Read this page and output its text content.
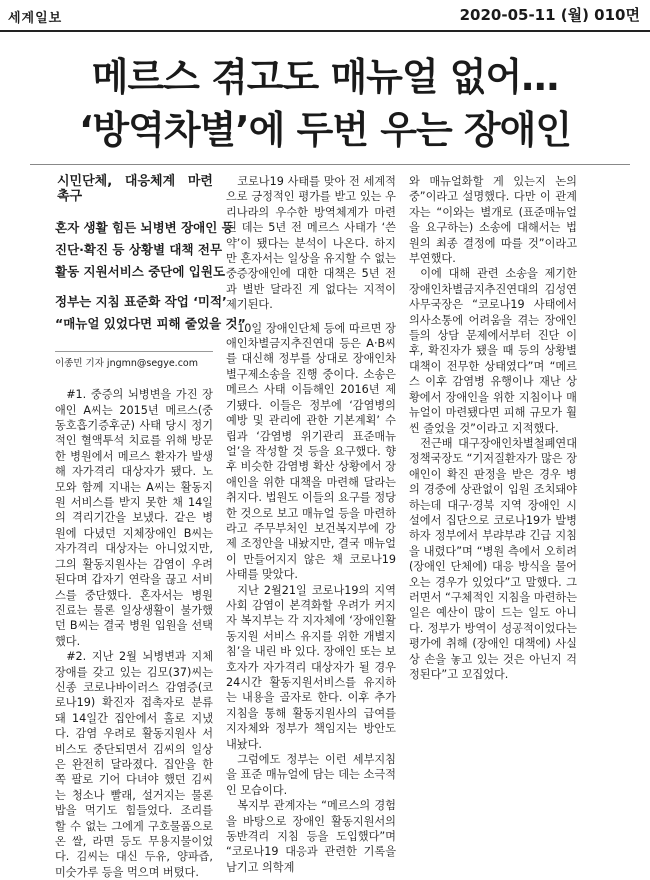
세계일보	2020-05-11 (월) 010면
메르스 겪고도 매뉴얼 없어…
‘방역차별’에 두번 우는 장애인
시민단체, 대응체계 마련 촉구
혼자 생활 힘든 뇌병변 장애인 등
진단·확진 등 상황별 대책 전무
활동 지원서비스 중단에 입원도
정부는 지침 표준화 작업 ‘미적’
“매뉴얼 있었다면 피해 줄었을 것”
이종민 기자 jngmn@segye.com

#1. 중증의 뇌병변을 가진 장애인 A씨는 2015년 메르스(중동호흡기증후군) 사태 당시 정기적인 혈액투석 치료를 위해 방문한 병원에서 메르스 환자가 발생해 자가격리 대상자가 됐다. 노모와 함께 지내는 A씨는 활동지원 서비스를 받지 못한 채 14일의 격리기간을 보냈다. 같은 병원에 다녔던 지체장애인 B씨는 자가격리 대상자는 아니었지만, 그의 활동지원사는 감염이 우려된다며 갑자기 연락을 끊고 서비스를 중단했다. 혼자서는 병원 진료는 물론 일상생활이 불가했던 B씨는 결국 병원 입원을 선택했다.

#2. 지난 2월 뇌병변과 지체장애를 갖고 있는 김모(37)씨는 신종 코로나바이러스 감염증(코로나19) 확진자 접촉자로 분류돼 14일간 집안에서 홀로 지냈다. 감염 우려로 활동지원사 서비스도 중단되면서 김씨의 일상은 완전히 달라졌다. 집안을 한쪽 팔로 기어 다녀야 했던 김씨는 청소나 빨래, 설거지는 물론 밥을 먹기도 힘들었다. 조리를 할 수 없는 그에게 구호물품으로 온 쌀, 라면 등도 무용지물이었다. 김씨는 대신 두유, 양파즙, 미숫가루 등을 먹으며 버텼다.

코로나19 사태를 맞아 전 세계적으로 긍정적인 평가를 받고 있는 우리나라의 우수한 방역체계가 마련된 데는 5년 전 메르스 사태가 ‘쓴 약’이 됐다는 분석이 나온다. 하지만 혼자서는 일상을 유지할 수 없는 중증장애인에 대한 대책은 5년 전과 별반 달라진 게 없다는 지적이 제기된다.

10일 장애인단체 등에 따르면 장애인차별금지추진연대 등은 A·B씨를 대신해 정부를 상대로 장애인차별구제소송을 진행 중이다. 소송은 메르스 사태 이듬해인 2016년 제기됐다. 이들은 정부에 ‘감염병의 예방 및 관리에 관한 기본계획’ 수립과 ‘감염병 위기관리 표준매뉴얼’을 작성할 것 등을 요구했다. 향후 비슷한 감염병 확산 상황에서 장애인을 위한 대책을 마련해 달라는 취지다. 법원도 이들의 요구를 정당한 것으로 보고 매뉴얼 등을 마련하라고 주무부처인 보건복지부에 강제 조정안을 내놨지만, 결국 매뉴얼이 만들어지지 않은 채 코로나19 사태를 맞았다.

지난 2월21일 코로나19의 지역사회 감염이 본격화할 우려가 커지자 복지부는 각 지자체에 ‘장애인활동지원 서비스 유지를 위한 개별지침’을 내린 바 있다. 장애인 또는 보호자가 자가격리 대상자가 될 경우 24시간 활동지원서비스를 유지하는 내용을 골자로 한다. 이후 추가 지침을 통해 활동지원사의 급여를 지자체와 정부가 책임지는 방안도 내놨다.

그럼에도 정부는 이런 세부지침을 표준 매뉴얼에 담는 데는 소극적인 모습이다.

복지부 관계자는 “메르스의 경험을 바탕으로 장애인 활동지원서의 동반격리 지침 등을 도입했다”며 “코로나19 대응과 관련한 기록을 남기고 의학계

와 매뉴얼화할 게 있는지 논의 중”이라고 설명했다. 다만 이 관계자는 “이와는 별개로 (표준매뉴얼을 요구하는) 소송에 대해서는 법원의 최종 결정에 따를 것”이라고 부연했다.

이에 대해 관련 소송을 제기한 장애인차별금지추진연대의 김성연 사무국장은 “코로나19 사태에서 의사소통에 어려움을 겪는 장애인들의 상담 문제에서부터 진단 이후, 확진자가 됐을 때 등의 상황별 대책이 전무한 상태였다”며 “메르스 이후 감염병 유행이나 재난 상황에서 장애인을 위한 지침이나 매뉴얼이 마련됐다면 피해 규모가 훨씬 줄었을 것”이라고 지적했다.

전근배 대구장애인차별철폐연대 정책국장도 “기저질환자가 많은 장애인이 확진 판정을 받은 경우 병의 경중에 상관없이 입원 조치돼야 하는데 대구·경북 지역 장애인 시설에서 집단으로 코로나19가 발병하자 정부에서 부랴부랴 긴급 지침을 내렸다”며 “병원 측에서 오히려 (장애인 단체에) 대응 방식을 물어오는 경우가 있었다”고 말했다. 그러면서 “구체적인 지침을 마련하는 일은 예산이 많이 드는 일도 아니다. 정부가 방역이 성공적이었다는 평가에 취해 (장애인 대책에) 사실상 손을 놓고 있는 것은 아닌지 걱정된다”고 꼬집었다.
